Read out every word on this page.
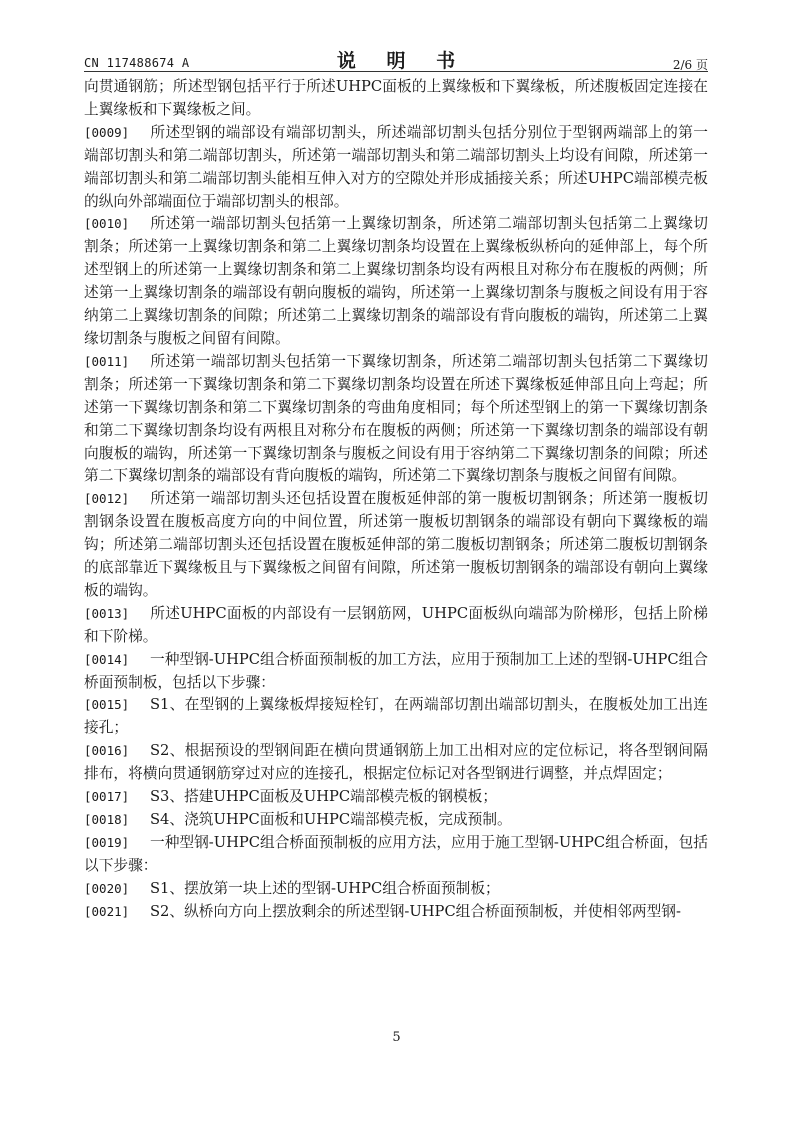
CN 117488674 A	说 明 书	2/6 页

向贯通钢筋；所述型钢包括平行于所述UHPC面板的上翼缘板和下翼缘板，所述腹板固定连接在上翼缘板和下翼缘板之间。

[0009] 所述型钢的端部设有端部切割头，所述端部切割头包括分别位于型钢两端部上的第一端部切割头和第二端部切割头，所述第一端部切割头和第二端部切割头上均设有间隙，所述第一端部切割头和第二端部切割头能相互伸入对方的空隙处并形成插接关系；所述UHPC端部模壳板的纵向外部端面位于端部切割头的根部。

[0010] 所述第一端部切割头包括第一上翼缘切割条，所述第二端部切割头包括第二上翼缘切割条；所述第一上翼缘切割条和第二上翼缘切割条均设置在上翼缘板纵桥向的延伸部上，每个所述型钢上的所述第一上翼缘切割条和第二上翼缘切割条均设有两根且对称分布在腹板的两侧；所述第一上翼缘切割条的端部设有朝向腹板的端钩，所述第一上翼缘切割条与腹板之间设有用于容纳第二上翼缘切割条的间隙；所述第二上翼缘切割条的端部设有背向腹板的端钩，所述第二上翼缘切割条与腹板之间留有间隙。

[0011] 所述第一端部切割头包括第一下翼缘切割条，所述第二端部切割头包括第二下翼缘切割条；所述第一下翼缘切割条和第二下翼缘切割条均设置在所述下翼缘板延伸部且向上弯起；所述第一下翼缘切割条和第二下翼缘切割条的弯曲角度相同；每个所述型钢上的第一下翼缘切割条和第二下翼缘切割条均设有两根且对称分布在腹板的两侧；所述第一下翼缘切割条的端部设有朝向腹板的端钩，所述第一下翼缘切割条与腹板之间设有用于容纳第二下翼缘切割条的间隙；所述第二下翼缘切割条的端部设有背向腹板的端钩，所述第二下翼缘切割条与腹板之间留有间隙。

[0012] 所述第一端部切割头还包括设置在腹板延伸部的第一腹板切割钢条；所述第一腹板切割钢条设置在腹板高度方向的中间位置，所述第一腹板切割钢条的端部设有朝向下翼缘板的端钩；所述第二端部切割头还包括设置在腹板延伸部的第二腹板切割钢条；所述第二腹板切割钢条的底部靠近下翼缘板且与下翼缘板之间留有间隙，所述第一腹板切割钢条的端部设有朝向上翼缘板的端钩。

[0013] 所述UHPC面板的内部设有一层钢筋网，UHPC面板纵向端部为阶梯形，包括上阶梯和下阶梯。

[0014] 一种型钢-UHPC组合桥面预制板的加工方法，应用于预制加工上述的型钢-UHPC组合桥面预制板，包括以下步骤：

[0015] S1、在型钢的上翼缘板焊接短栓钉，在两端部切割出端部切割头，在腹板处加工出连接孔；

[0016] S2、根据预设的型钢间距在横向贯通钢筋上加工出相对应的定位标记，将各型钢间隔排布，将横向贯通钢筋穿过对应的连接孔，根据定位标记对各型钢进行调整，并点焊固定；

[0017] S3、搭建UHPC面板及UHPC端部模壳板的钢模板；

[0018] S4、浇筑UHPC面板和UHPC端部模壳板，完成预制。

[0019] 一种型钢-UHPC组合桥面预制板的应用方法，应用于施工型钢-UHPC组合桥面，包括以下步骤：

[0020] S1、摆放第一块上述的型钢-UHPC组合桥面预制板；

[0021] S2、纵桥向方向上摆放剩余的所述型钢-UHPC组合桥面预制板，并使相邻两型钢-

5
